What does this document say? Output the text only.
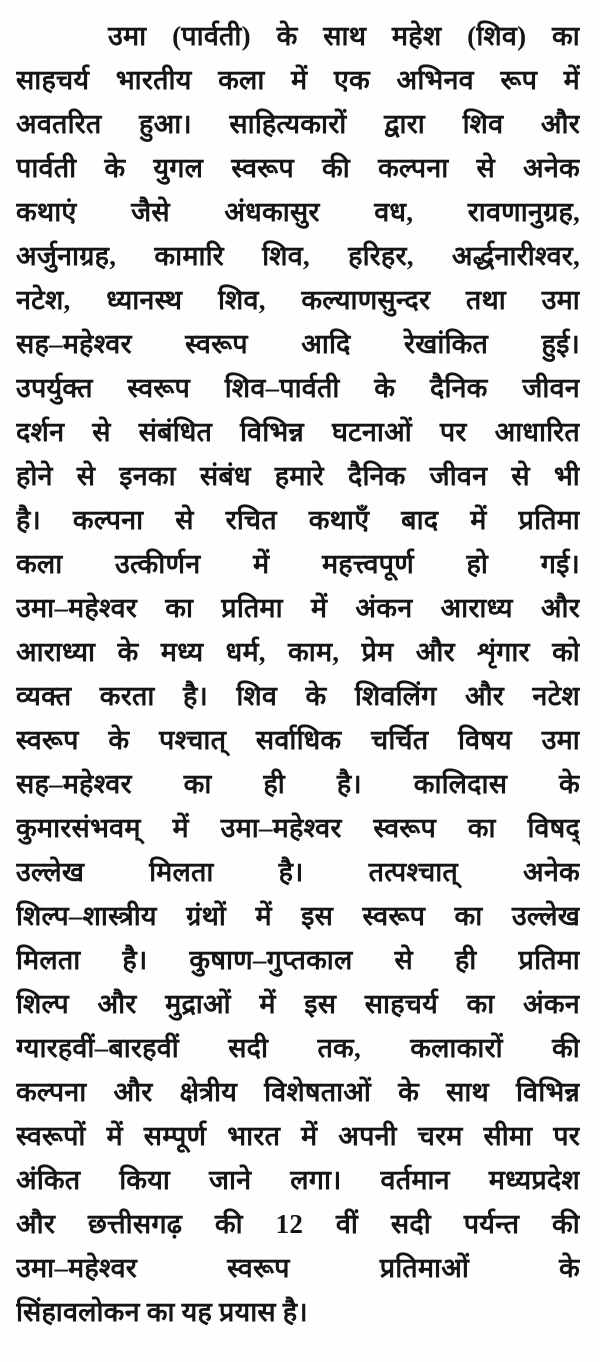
उमा (पार्वती) के साथ महेश (शिव) का
साहचर्य भारतीय कला में एक अभिनव रूप में
अवतरित हुआ। साहित्यकारों द्वारा शिव और
पार्वती के युगल स्वरूप की कल्पना से अनेक
कथाएं जैसे अंधकासुर वध, रावणानुग्रह,
अर्जुनाग्रह, कामारि शिव, हरिहर, अर्द्धनारीश्वर,
नटेश, ध्यानस्थ शिव, कल्याणसुन्दर तथा उमा
सह–महेश्वर स्वरूप आदि रेखांकित हुई।
उपर्युक्त स्वरूप शिव–पार्वती के दैनिक जीवन
दर्शन से संबंधित विभिन्न घटनाओं पर आधारित
होने से इनका संबंध हमारे दैनिक जीवन से भी
है। कल्पना से रचित कथाएँ बाद में प्रतिमा
कला उत्कीर्णन में महत्त्वपूर्ण हो गई।
उमा–महेश्वर का प्रतिमा में अंकन आराध्य और
आराध्या के मध्य धर्म, काम, प्रेम और शृंगार को
व्यक्त करता है। शिव के शिवलिंग और नटेश
स्वरूप के पश्चात् सर्वाधिक चर्चित विषय उमा
सह–महेश्वर का ही है। कालिदास के
कुमारसंभवम् में उमा–महेश्वर स्वरूप का विषद्
उल्लेख मिलता है। तत्पश्चात् अनेक
शिल्प–शास्त्रीय ग्रंथों में इस स्वरूप का उल्लेख
मिलता है। कुषाण–गुप्तकाल से ही प्रतिमा
शिल्प और मुद्राओं में इस साहचर्य का अंकन
ग्यारहवीं–बारहवीं सदी तक, कलाकारों की
कल्पना और क्षेत्रीय विशेषताओं के साथ विभिन्न
स्वरूपों में सम्पूर्ण भारत में अपनी चरम सीमा पर
अंकित किया जाने लगा। वर्तमान मध्यप्रदेश
और छत्तीसगढ़ की 12 वीं सदी पर्यन्त की
उमा–महेश्वर स्वरूप प्रतिमाओं के
सिंहावलोकन का यह प्रयास है।
